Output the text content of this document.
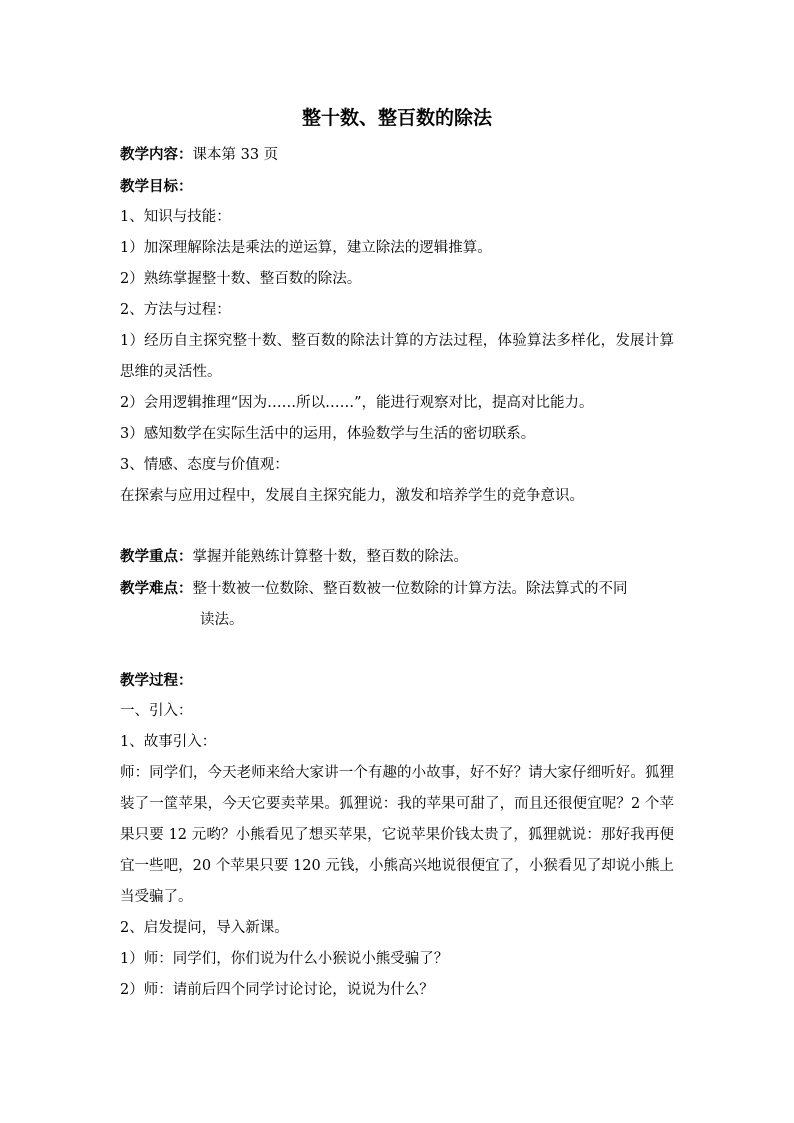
整十数、整百数的除法
教学内容：课本第 33 页
教学目标：
1、知识与技能：
1）加深理解除法是乘法的逆运算，建立除法的逻辑推算。
2）熟练掌握整十数、整百数的除法。
2、方法与过程：
1）经历自主探究整十数、整百数的除法计算的方法过程，体验算法多样化，发展计算思维的灵活性。
2）会用逻辑推理“因为……所以……”，能进行观察对比，提高对比能力。
3）感知数学在实际生活中的运用，体验数学与生活的密切联系。
3、情感、态度与价值观：
在探索与应用过程中，发展自主探究能力，激发和培养学生的竞争意识。
教学重点：掌握并能熟练计算整十数，整百数的除法。
教学难点：整十数被一位数除、整百数被一位数除的计算方法。除法算式的不同
读法。
教学过程：
一、引入：
1、故事引入：
师：同学们，今天老师来给大家讲一个有趣的小故事，好不好？请大家仔细听好。狐狸装了一筐苹果，今天它要卖苹果。狐狸说：我的苹果可甜了，而且还很便宜呢？2 个苹果只要 12 元哟？小熊看见了想买苹果，它说苹果价钱太贵了，狐狸就说：那好我再便宜一些吧，20 个苹果只要 120 元钱，小熊高兴地说很便宜了，小猴看见了却说小熊上当受骗了。
2、启发提问，导入新课。
1）师：同学们，你们说为什么小猴说小熊受骗了？
2）师：请前后四个同学讨论讨论，说说为什么？
